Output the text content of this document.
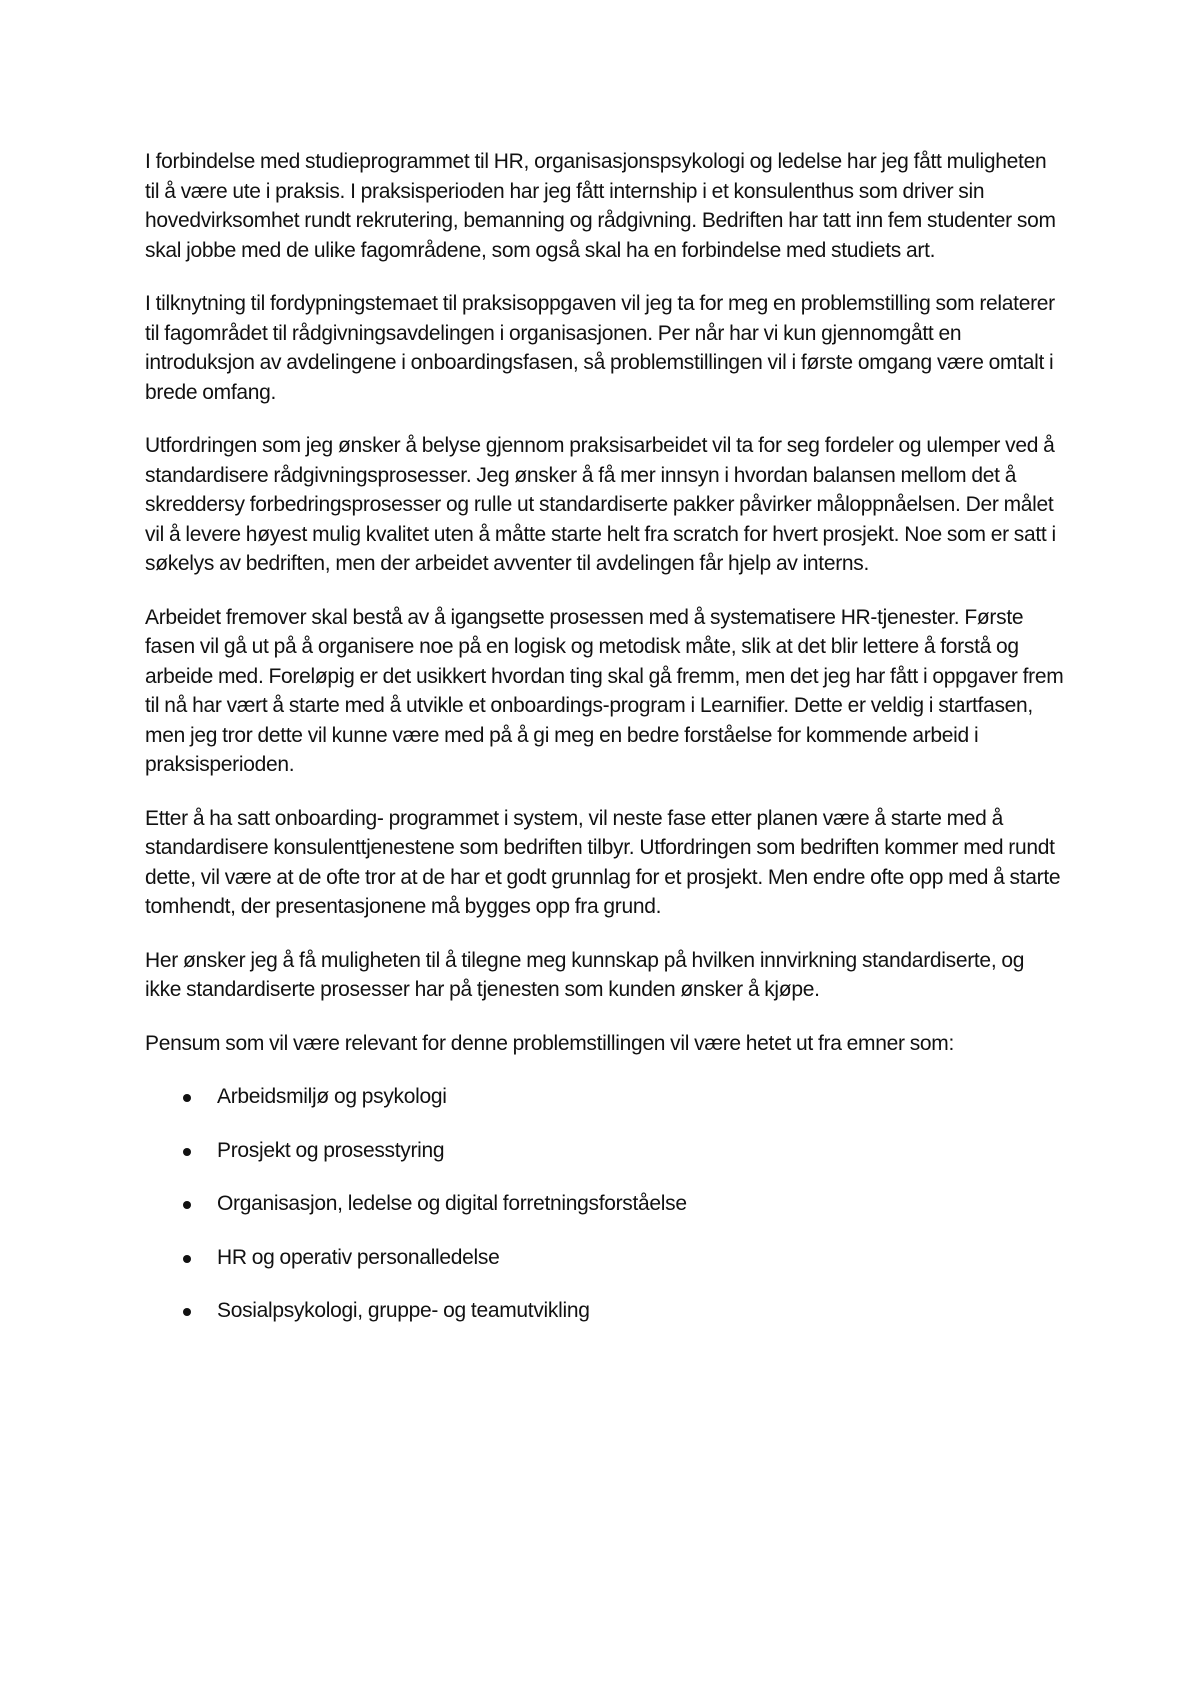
I forbindelse med studieprogrammet til HR, organisasjonspsykologi og ledelse har jeg fått muligheten til å være ute i praksis. I praksisperioden har jeg fått internship i et konsulenthus som driver sin hovedvirksomhet rundt rekrutering, bemanning og rådgivning. Bedriften har tatt inn fem studenter som skal jobbe med de ulike fagområdene, som også skal ha en forbindelse med studiets art.

I tilknytning til fordypningstemaet til praksisoppgaven vil jeg ta for meg en problemstilling som relaterer til fagområdet til rådgivningsavdelingen i organisasjonen. Per når har vi kun gjennomgått en introduksjon av avdelingene i onboardingsfasen, så problemstillingen vil i første omgang være omtalt i brede omfang.

Utfordringen som jeg ønsker å belyse gjennom praksisarbeidet vil ta for seg fordeler og ulemper ved å standardisere rådgivningsprosesser. Jeg ønsker å få mer innsyn i hvordan balansen mellom det å skreddersy forbedringsprosesser og rulle ut standardiserte pakker påvirker måloppnåelsen. Der målet vil å levere høyest mulig kvalitet uten å måtte starte helt fra scratch for hvert prosjekt. Noe som er satt i søkelys av bedriften, men der arbeidet avventer til avdelingen får hjelp av interns.

Arbeidet fremover skal bestå av å igangsette prosessen med å systematisere HR-tjenester. Første fasen vil gå ut på å organisere noe på en logisk og metodisk måte, slik at det blir lettere å forstå og arbeide med. Foreløpig er det usikkert hvordan ting skal gå fremm, men det jeg har fått i oppgaver frem til nå har vært å starte med å utvikle et onboardings-program i Learnifier. Dette er veldig i startfasen, men jeg tror dette vil kunne være med på å gi meg en bedre forståelse for kommende arbeid i praksisperioden.

Etter å ha satt onboarding- programmet i system, vil neste fase etter planen være å starte med å standardisere konsulenttjenestene som bedriften tilbyr. Utfordringen som bedriften kommer med rundt dette, vil være at de ofte tror at de har et godt grunnlag for et prosjekt. Men endre ofte opp med å starte tomhendt, der presentasjonene må bygges opp fra grund.

Her ønsker jeg å få muligheten til å tilegne meg kunnskap på hvilken innvirkning standardiserte, og ikke standardiserte prosesser har på tjenesten som kunden ønsker å kjøpe.

Pensum som vil være relevant for denne problemstillingen vil være hetet ut fra emner som:

Arbeidsmiljø og psykologi
Prosjekt og prosesstyring
Organisasjon, ledelse og digital forretningsforståelse
HR og operativ personalledelse
Sosialpsykologi, gruppe- og teamutvikling
